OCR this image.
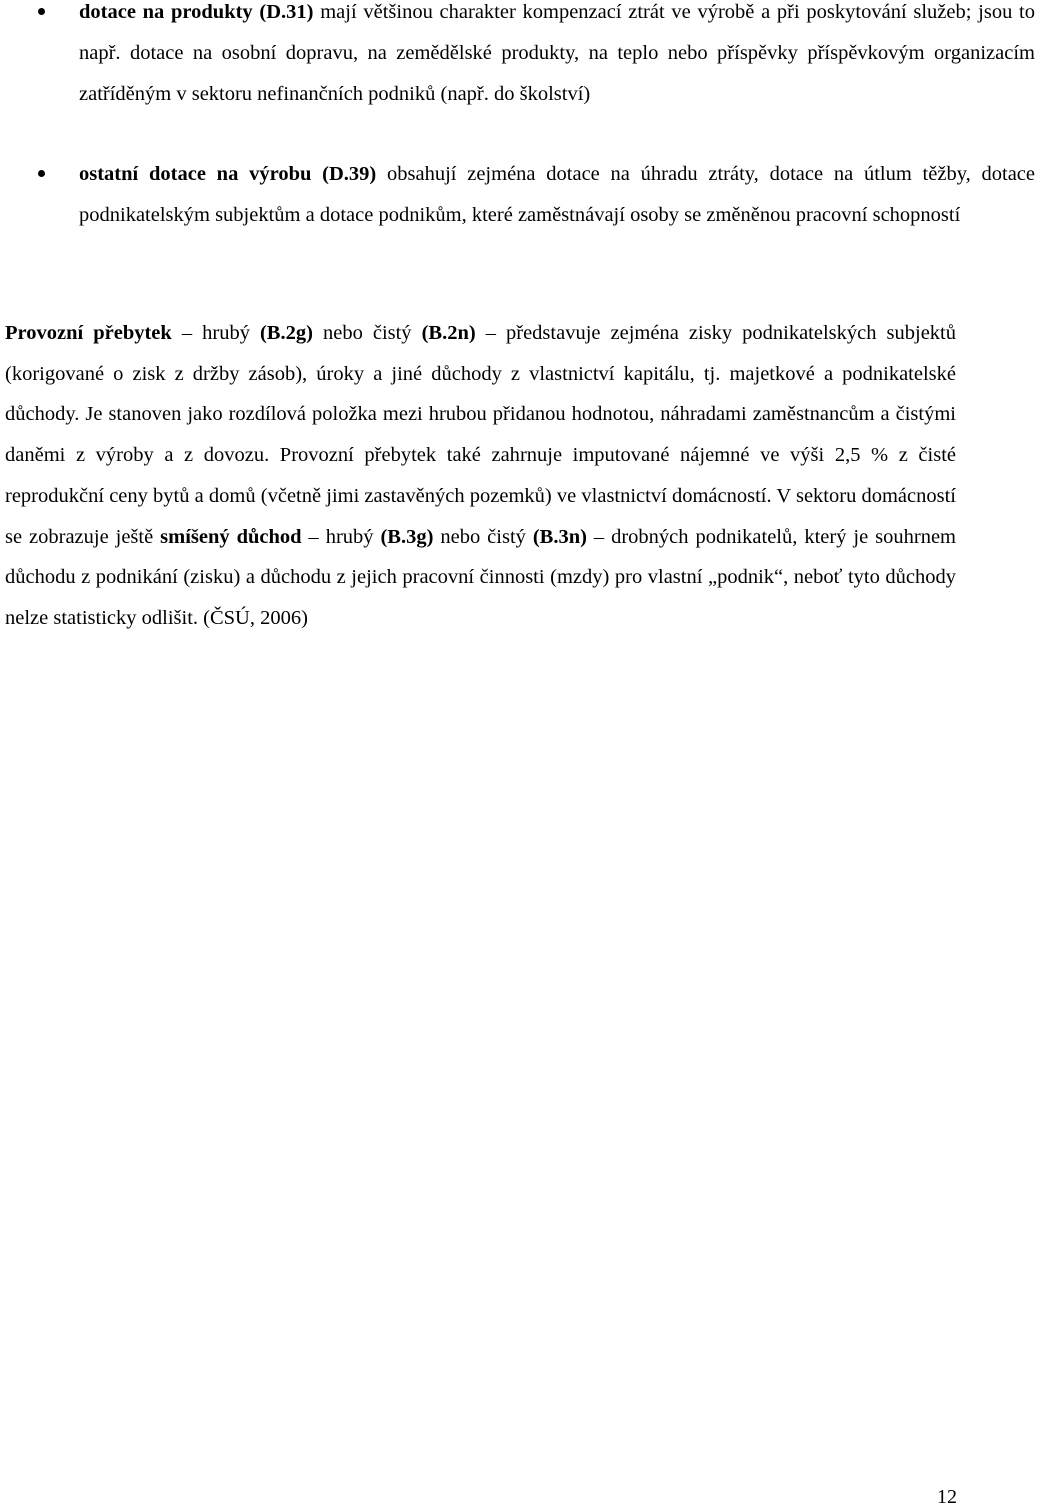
dotace na produkty (D.31) mají většinou charakter kompenzací ztrát ve výrobě a při poskytování služeb; jsou to např. dotace na osobní dopravu, na zemědělské produkty, na teplo nebo příspěvky příspěvkovým organizacím zatříděným v sektoru nefinančních podniků (např. do školství)
ostatní dotace na výrobu (D.39) obsahují zejména dotace na úhradu ztráty, dotace na útlum těžby, dotace podnikatelským subjektům a dotace podnikům, které zaměstnávají osoby se změněnou pracovní schopností

Provozní přebytek – hrubý (B.2g) nebo čistý (B.2n) – představuje zejména zisky podnikatelských subjektů (korigované o zisk z držby zásob), úroky a jiné důchody z vlastnictví kapitálu, tj. majetkové a podnikatelské důchody. Je stanoven jako rozdílová položka mezi hrubou přidanou hodnotou, náhradami zaměstnancům a čistými daněmi z výroby a z dovozu. Provozní přebytek také zahrnuje imputované nájemné ve výši 2,5 % z čisté reprodukční ceny bytů a domů (včetně jimi zastavěných pozemků) ve vlastnictví domácností. V sektoru domácností se zobrazuje ještě smíšený důchod – hrubý (B.3g) nebo čistý (B.3n) – drobných podnikatelů, který je souhrnem důchodu z podnikání (zisku) a důchodu z jejich pracovní činnosti (mzdy) pro vlastní „podnik“, neboť tyto důchody nelze statisticky odlišit. (ČSÚ, 2006)

12
